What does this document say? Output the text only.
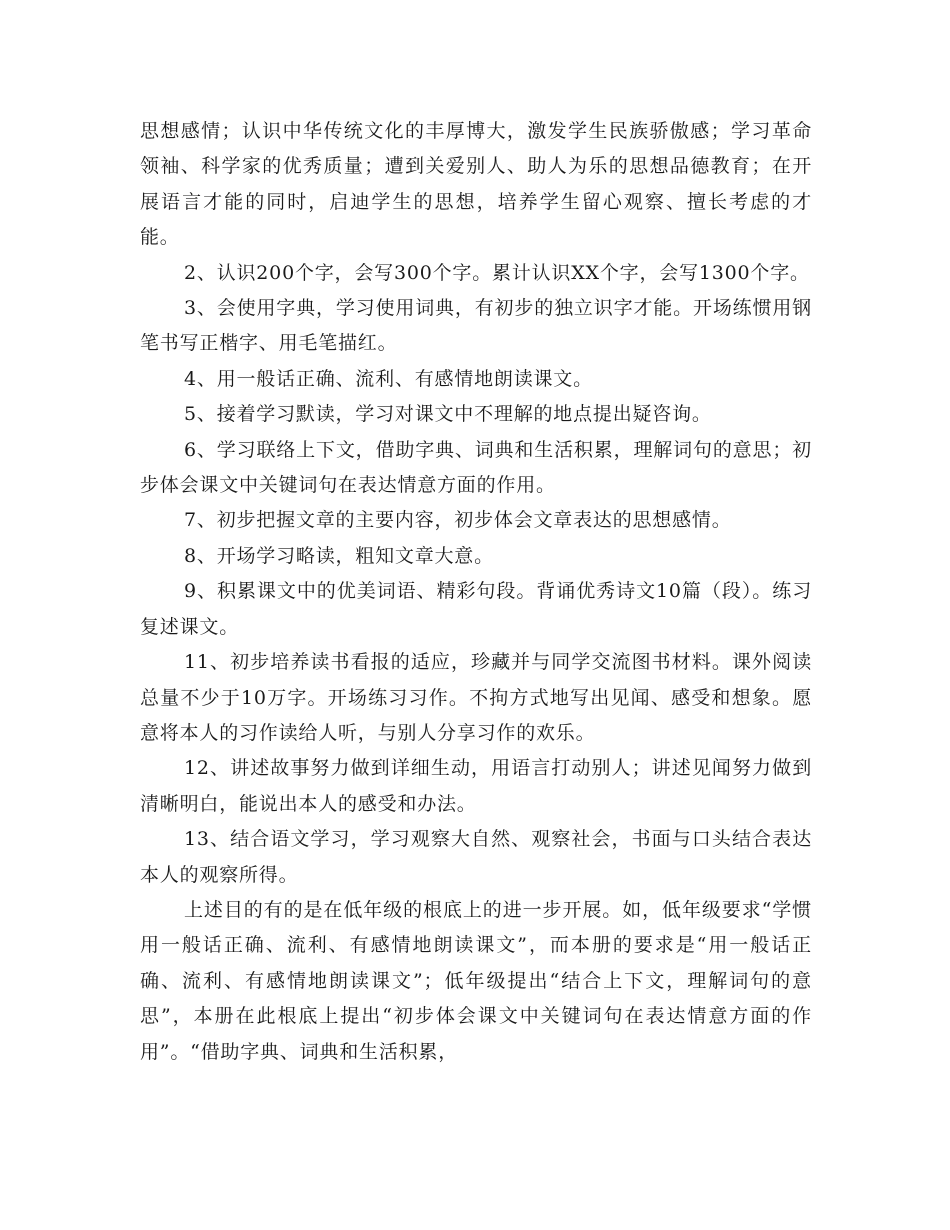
思想感情；认识中华传统文化的丰厚博大，激发学生民族骄傲感；学习革命领袖、科学家的优秀质量；遭到关爱别人、助人为乐的思想品德教育；在开展语言才能的同时，启迪学生的思想，培养学生留心观察、擅长考虑的才能。

2、认识200个字，会写300个字。累计认识XX个字，会写1300个字。

3、会使用字典，学习使用词典，有初步的独立识字才能。开场练惯用钢笔书写正楷字、用毛笔描红。

4、用一般话正确、流利、有感情地朗读课文。

5、接着学习默读，学习对课文中不理解的地点提出疑咨询。

6、学习联络上下文，借助字典、词典和生活积累，理解词句的意思；初步体会课文中关键词句在表达情意方面的作用。

7、初步把握文章的主要内容，初步体会文章表达的思想感情。

8、开场学习略读，粗知文章大意。

9、积累课文中的优美词语、精彩句段。背诵优秀诗文10篇（段）。练习复述课文。

11、初步培养读书看报的适应，珍藏并与同学交流图书材料。课外阅读总量不少于10万字。开场练习习作。不拘方式地写出见闻、感受和想象。愿意将本人的习作读给人听，与别人分享习作的欢乐。

12、讲述故事努力做到详细生动，用语言打动别人；讲述见闻努力做到清晰明白，能说出本人的感受和办法。

13、结合语文学习，学习观察大自然、观察社会，书面与口头结合表达本人的观察所得。

上述目的有的是在低年级的根底上的进一步开展。如，低年级要求“学惯用一般话正确、流利、有感情地朗读课文”，而本册的要求是“用一般话正确、流利、有感情地朗读课文”；低年级提出“结合上下文，理解词句的意思”，本册在此根底上提出“初步体会课文中关键词句在表达情意方面的作用”。“借助字典、词典和生活积累，
